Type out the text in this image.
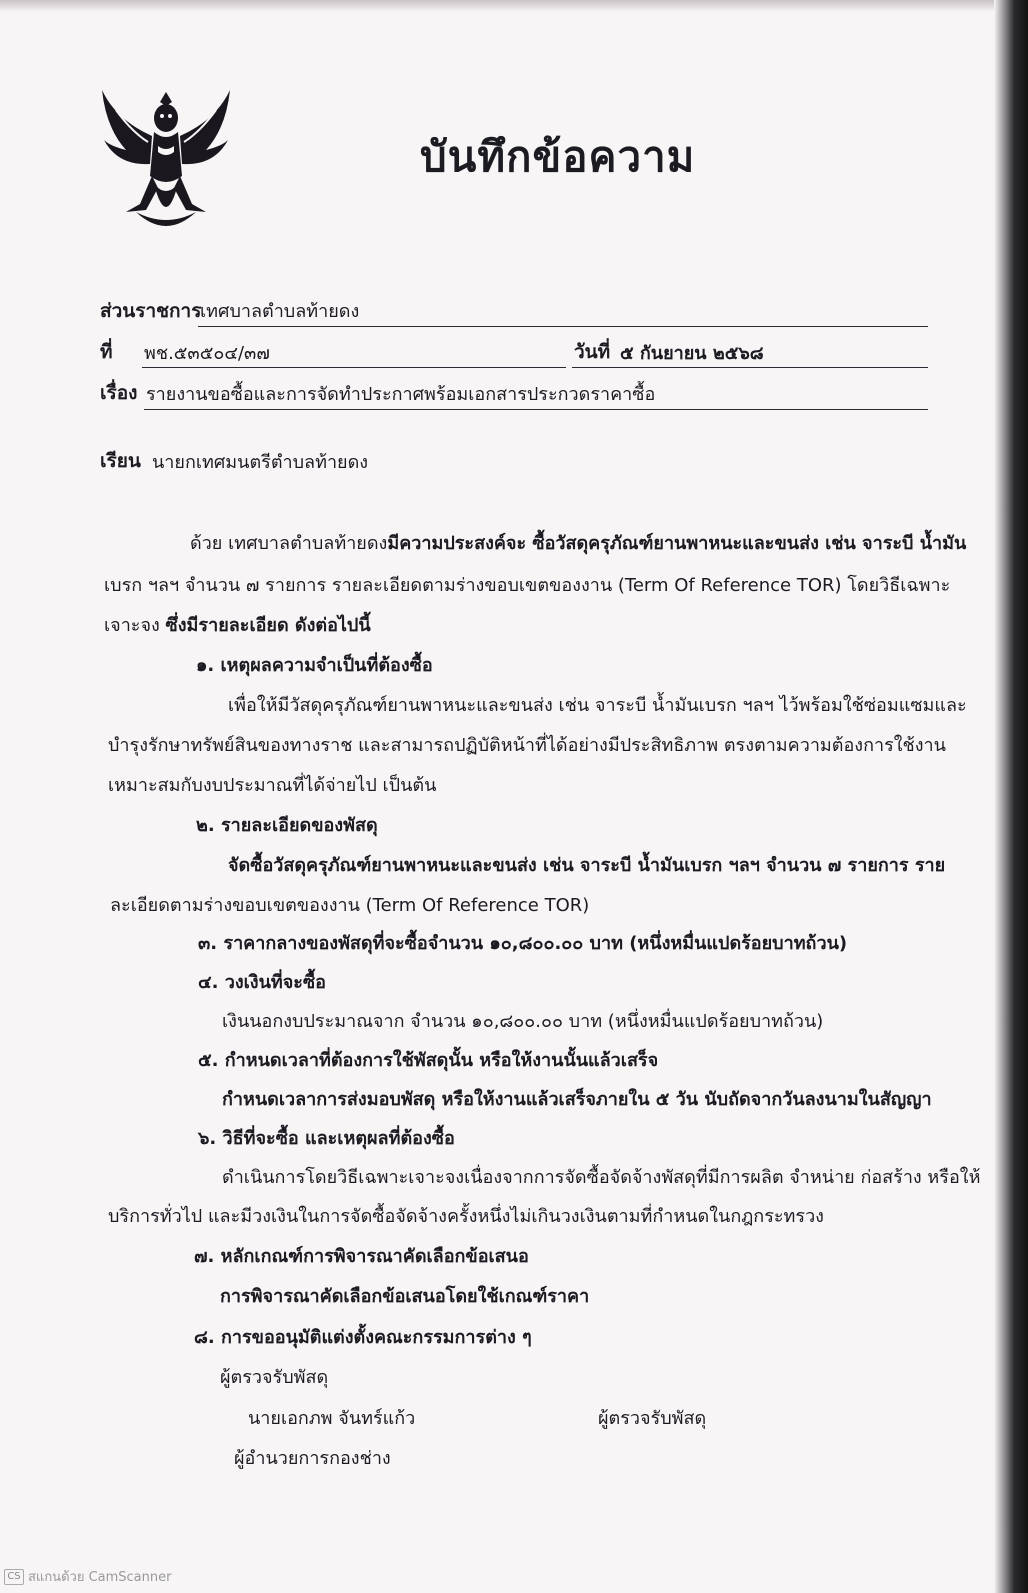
บันทึกข้อความ
ส่วนราชการ
เทศบาลตำบลท้ายดง
ที่ พช.๕๓๕๐๔/๓๗	วันที่ ๕ กันยายน ๒๕๖๘
เรื่อง รายงานขอซื้อและการจัดทำประกาศพร้อมเอกสารประกวดราคาซื้อ
เรียน นายกเทศมนตรีตำบลท้ายดง
ด้วย เทศบาลตำบลท้ายดงมีความประสงค์จะ ซื้อวัสดุครุภัณฑ์ยานพาหนะและขนส่ง เช่น จาระบี น้ำมัน
เบรก ฯลฯ จำนวน ๗ รายการ รายละเอียดตามร่างขอบเขตของงาน (Term Of Reference TOR) โดยวิธีเฉพาะ
เจาะจง ซึ่งมีรายละเอียด ดังต่อไปนี้
๑. เหตุผลความจำเป็นที่ต้องซื้อ
เพื่อให้มีวัสดุครุภัณฑ์ยานพาหนะและขนส่ง เช่น จาระบี น้ำมันเบรก ฯลฯ ไว้พร้อมใช้ซ่อมแซมและ
บำรุงรักษาทรัพย์สินของทางราช และสามารถปฏิบัติหน้าที่ได้อย่างมีประสิทธิภาพ ตรงตามความต้องการใช้งาน
เหมาะสมกับงบประมาณที่ได้จ่ายไป เป็นต้น
๒. รายละเอียดของพัสดุ
จัดซื้อวัสดุครุภัณฑ์ยานพาหนะและขนส่ง เช่น จาระบี น้ำมันเบรก ฯลฯ จำนวน ๗ รายการ ราย
ละเอียดตามร่างขอบเขตของงาน (Term Of Reference TOR)
๓. ราคากลางของพัสดุที่จะซื้อจำนวน ๑๐,๘๐๐.๐๐ บาท (หนึ่งหมื่นแปดร้อยบาทถ้วน)
๔. วงเงินที่จะซื้อ
เงินนอกงบประมาณจาก จำนวน ๑๐,๘๐๐.๐๐ บาท (หนึ่งหมื่นแปดร้อยบาทถ้วน)
๕. กำหนดเวลาที่ต้องการใช้พัสดุนั้น หรือให้งานนั้นแล้วเสร็จ
กำหนดเวลาการส่งมอบพัสดุ หรือให้งานแล้วเสร็จภายใน ๕ วัน นับถัดจากวันลงนามในสัญญา
๖. วิธีที่จะซื้อ และเหตุผลที่ต้องซื้อ
ดำเนินการโดยวิธีเฉพาะเจาะจงเนื่องจากการจัดซื้อจัดจ้างพัสดุที่มีการผลิต จำหน่าย ก่อสร้าง หรือให้
บริการทั่วไป และมีวงเงินในการจัดซื้อจัดจ้างครั้งหนึ่งไม่เกินวงเงินตามที่กำหนดในกฎกระทรวง
๗. หลักเกณฑ์การพิจารณาคัดเลือกข้อเสนอ
การพิจารณาคัดเลือกข้อเสนอโดยใช้เกณฑ์ราคา
๘. การขออนุมัติแต่งตั้งคณะกรรมการต่าง ๆ
ผู้ตรวจรับพัสดุ
นายเอกภพ จันทร์แก้ว	ผู้ตรวจรับพัสดุ
ผู้อำนวยการกองช่าง
CS สแกนด้วย CamScanner
